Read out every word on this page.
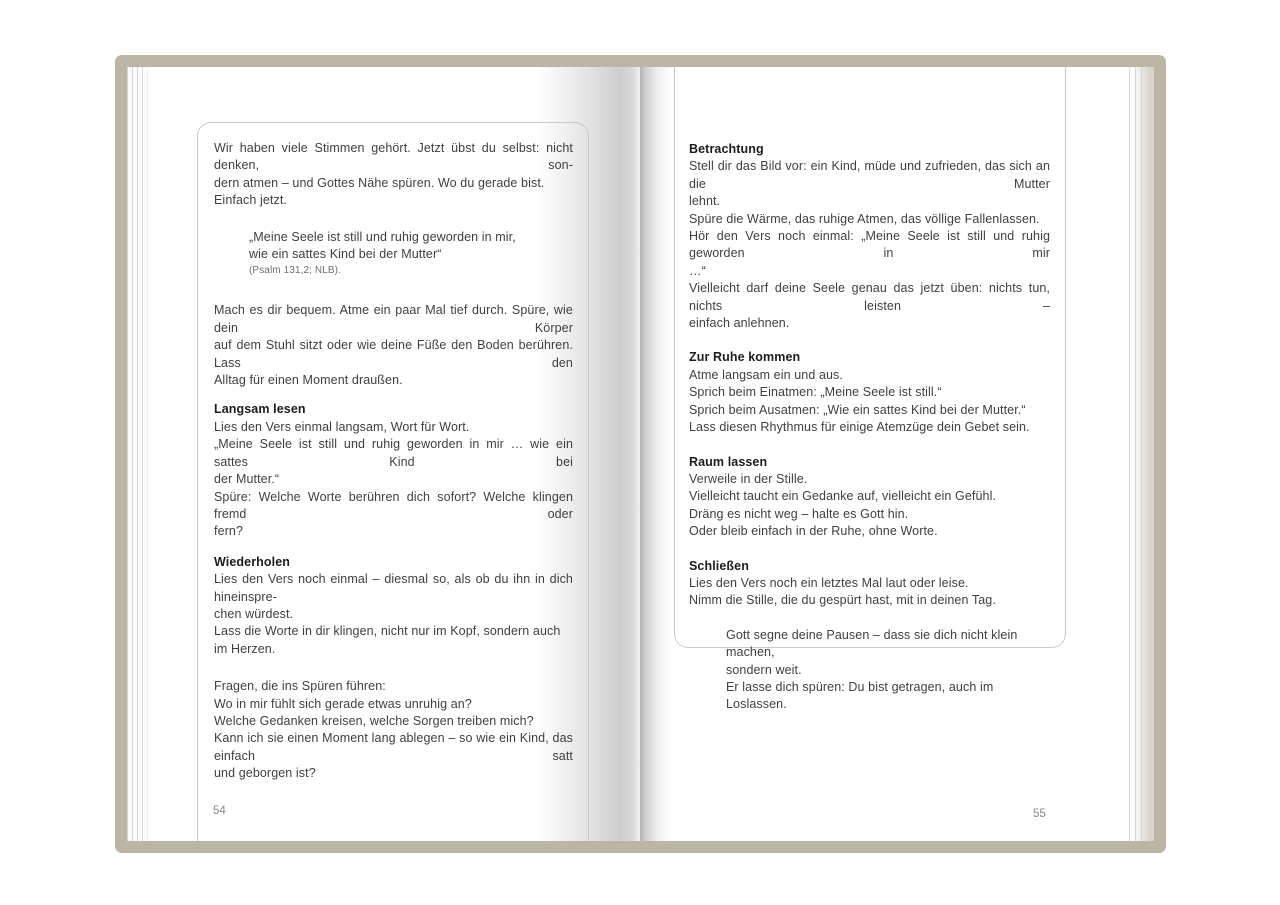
Wir haben viele Stimmen gehört. Jetzt übst du selbst: nicht denken, son-
dern atmen – und Gottes Nähe spüren. Wo du gerade bist. Einfach jetzt.
„Meine Seele ist still und ruhig geworden in mir,
wie ein sattes Kind bei der Mutter“
(Psalm 131,2; NLB).
Mach es dir bequem. Atme ein paar Mal tief durch. Spüre, wie dein Körper
auf dem Stuhl sitzt oder wie deine Füße den Boden berühren. Lass den
Alltag für einen Moment draußen.
Langsam lesen
Lies den Vers einmal langsam, Wort für Wort.
„Meine Seele ist still und ruhig geworden in mir … wie ein sattes Kind bei
der Mutter.“
Spüre: Welche Worte berühren dich sofort? Welche klingen fremd oder
fern?
Wiederholen
Lies den Vers noch einmal – diesmal so, als ob du ihn in dich hineinspre-
chen würdest.
Lass die Worte in dir klingen, nicht nur im Kopf, sondern auch im Herzen.
Fragen, die ins Spüren führen:
Wo in mir fühlt sich gerade etwas unruhig an?
Welche Gedanken kreisen, welche Sorgen treiben mich?
Kann ich sie einen Moment lang ablegen – so wie ein Kind, das einfach satt
und geborgen ist?
54
Betrachtung
Stell dir das Bild vor: ein Kind, müde und zufrieden, das sich an die Mutter
lehnt.
Spüre die Wärme, das ruhige Atmen, das völlige Fallenlassen.
Hör den Vers noch einmal: „Meine Seele ist still und ruhig geworden in mir
…“
Vielleicht darf deine Seele genau das jetzt üben: nichts tun, nichts leisten –
einfach anlehnen.
Zur Ruhe kommen
Atme langsam ein und aus.
Sprich beim Einatmen: „Meine Seele ist still.“
Sprich beim Ausatmen: „Wie ein sattes Kind bei der Mutter.“
Lass diesen Rhythmus für einige Atemzüge dein Gebet sein.
Raum lassen
Verweile in der Stille.
Vielleicht taucht ein Gedanke auf, vielleicht ein Gefühl.
Dräng es nicht weg – halte es Gott hin.
Oder bleib einfach in der Ruhe, ohne Worte.
Schließen
Lies den Vers noch ein letztes Mal laut oder leise.
Nimm die Stille, die du gespürt hast, mit in deinen Tag.
Gott segne deine Pausen – dass sie dich nicht klein machen,
sondern weit.
Er lasse dich spüren: Du bist getragen, auch im Loslassen.
55
